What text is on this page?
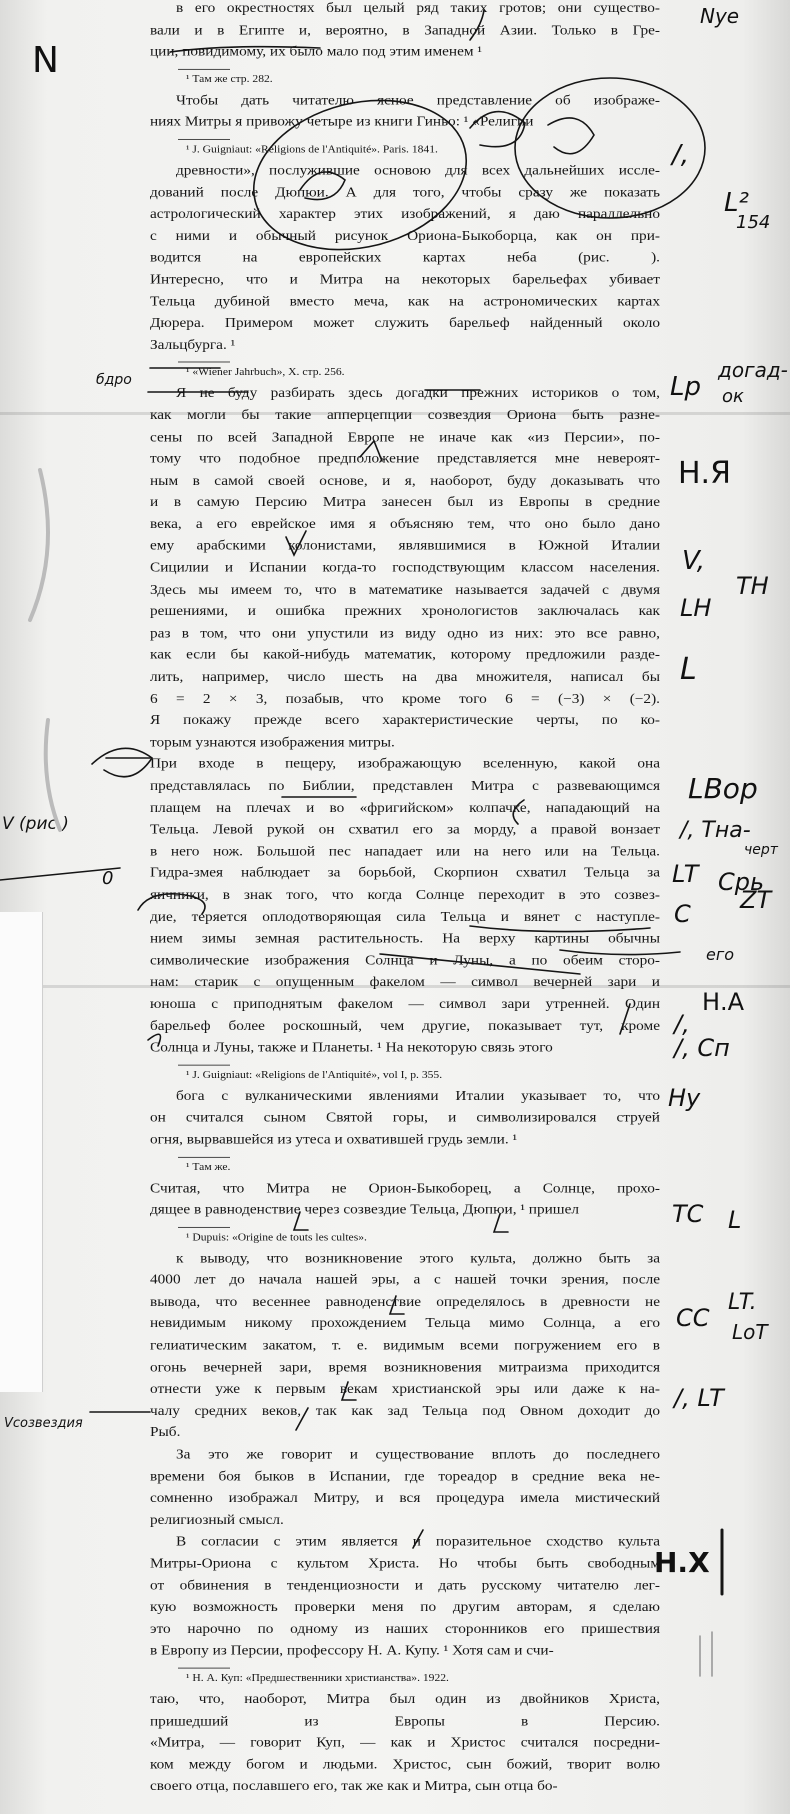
в его окрестностях был целый ряд таких гротов; они существо-

вали и в Египте и, вероятно, в Западной Азии. Только в Гре-

ции, повидимому, их было мало под этим именем ¹

¹ Там же стр. 282.

Чтобы дать читателю ясное представление об изображе-

ниях Митры я привожу четыре из книги Гиньо: ¹ «Религии

¹ J. Guigniaut: «Religions de l'Antiquité». Paris. 1841.

древности», послужившие основою для всех дальнейших иссле-

дований после Дюпюи. А для того, чтобы сразу же показать

астрологический характер этих изображений, я даю параллельно

с ними и обычный рисунок Ориона-Быкоборца, как он при-

водится на европейских картах неба (рис. ).

Интересно, что и Митра на некоторых барельефах убивает

Тельца дубиной вместо меча, как на астрономических картах

Дюрера. Примером может служить барельеф найденный около

Зальцбурга. ¹

¹ «Wiener Jahrbuch», X. стр. 256.

Я не буду разбирать здесь догадки прежних историков о том,

как могли бы такие апперцепции созвездия Ориона быть разне-

сены по всей Западной Европе не иначе как «из Персии», по-

тому что подобное предположение представляется мне невероят-

ным в самой своей основе, и я, наоборот, буду доказывать что

и в самую Персию Митра занесен был из Европы в средние

века, а его еврейское имя я объясняю тем, что оно было дано

ему арабскими колонистами, являвшимися в Южной Италии

Сицилии и Испании когда-то господствующим классом населения.

Здесь мы имеем то, что в математике называется задачей с двумя

решениями, и ошибка прежних хронологистов заключалась как

раз в том, что они упустили из виду одно из них: это все равно,

как если бы какой-нибудь математик, которому предложили разде-

лить, например, число шесть на два множителя, написал бы

6 = 2 × 3, позабыв, что кроме того 6 = (−3) × (−2).

Я покажу прежде всего характеристические черты, по ко-

торым узнаются изображения митры.

При входе в пещеру, изображающую вселенную, какой она

представлялась по Библии, представлен Митра с развевающимся

плащем на плечах и во «фригийском» колпачке, нападающий на

Тельца. Левой рукой он схватил его за морду, а правой вонзает

в него нож. Большой пес нападает или на него или на Тельца.

Гидра-змея наблюдает за борьбой, Скорпион схватил Тельца за

яичники, в знак того, что когда Солнце переходит в это созвез-

дие, теряется оплодотворяющая сила Тельца и вянет с наступле-

нием зимы земная растительность. На верху картины обычны

символические изображения Солнца и Луны, а по обеим сторо-

нам: старик с опущенным факелом — символ вечерней зари и

юноша с приподнятым факелом — символ зари утренней. Один

барельеф более роскошный, чем другие, показывает тут, кроме

Солнца и Луны, также и Планеты. ¹ На некоторую связь этого

¹ J. Guigniaut: «Religions de l'Antiquité», vol I, p. 355.

бога с вулканическими явлениями Италии указывает то, что

он считался сыном Святой горы, и символизировался струей

огня, вырвавшейся из утеса и охватившей грудь земли. ¹

¹ Там же.

Считая, что Митра не Орион-Быкоборец, а Солнце, прохо-

дящее в равноденствие через созвездие Тельца, Дюпюи, ¹ пришел

¹ Dupuis: «Origine de touts les cultes».

к выводу, что возникновение этого культа, должно быть за

4000 лет до начала нашей эры, а с нашей точки зрения, после

вывода, что весеннее равноденствие определялось в древности не

невидимым никому прохождением Тельца мимо Солнца, а его

гелиатическим закатом, т. е. видимым всеми погружением его в

огонь вечерней зари, время возникновения митраизма приходится

отнести уже к первым векам христианской эры или даже к на-

чалу средних веков, так как зад Тельца под Овном доходит до

Рыб.

За это же говорит и существование вплоть до последнего

времени боя быков в Испании, где тореадор в средние века не-

сомненно изображал Митру, и вся процедура имела мистический

религиозный смысл.

В согласии с этим является и поразительное сходство культа

Митры-Ориона с культом Христа. Но чтобы быть свободным

от обвинения в тенденциозности и дать русскому читателю лег-

кую возможность проверки меня по другим авторам, я сделаю

это нарочно по одному из наших сторонников его пришествия

в Европу из Персии, профессору Н. А. Купу. ¹ Хотя сам и счи-

¹ Н. А. Куп: «Предшественники христианства». 1922.

таю, что, наоборот, Митра был один из двойников Христа,

пришедший из Европы в Персию.

«Митра, — говорит Куп, — как и Христос считался посредни-

ком между богом и людьми. Христос, сын божий, творит волю

своего отца, пославшего его, так же как и Митра, сын отца бо-

N
Nуе
/,
L²
154
Lp
догад-
ок
Н.Я
V,
TH
LH
L
LВор
/, Tна-
черт
LT Cрь
ZT
C
его
Н.А
/,
/, Cп
Ну
TC L
LT.
CC LoT
/, LT
Н.Х
бдро
V (рис.)
Vсозвездия
0
